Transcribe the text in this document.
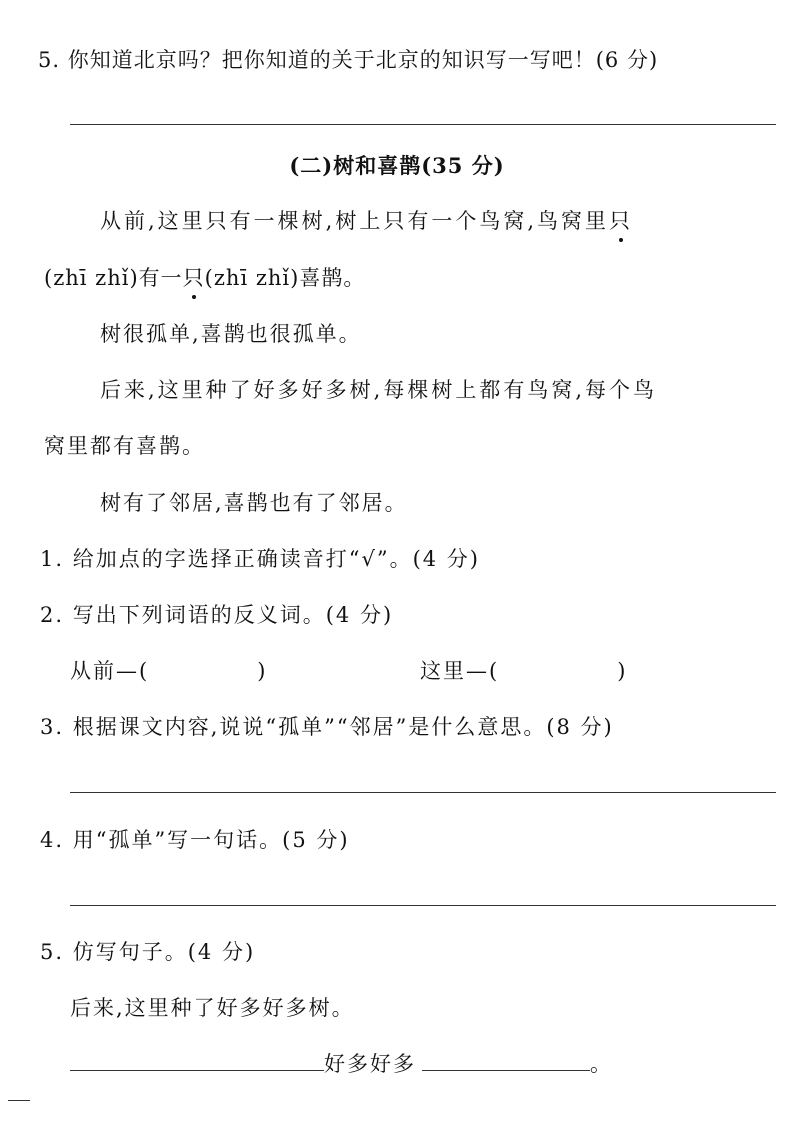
5. 你知道北京吗？把你知道的关于北京的知识写一写吧！(6 分)
(二)树和喜鹊(35 分)
从前,这里只有一棵树,树上只有一个鸟窝,鸟窝里只
(zhī zhǐ)有一只(zhī zhǐ)喜鹊。
树很孤单,喜鹊也很孤单。
后来,这里种了好多好多树,每棵树上都有鸟窝,每个鸟
窝里都有喜鹊。
树有了邻居,喜鹊也有了邻居。
1. 给加点的字选择正确读音打“√”。(4 分)
2. 写出下列词语的反义词。(4 分)
从前—(	)	这里—(	)
3. 根据课文内容,说说“孤单”“邻居”是什么意思。(8 分)
4. 用“孤单”写一句话。(5 分)
5. 仿写句子。(4 分)
后来,这里种了好多好多树。
好多好多	。
